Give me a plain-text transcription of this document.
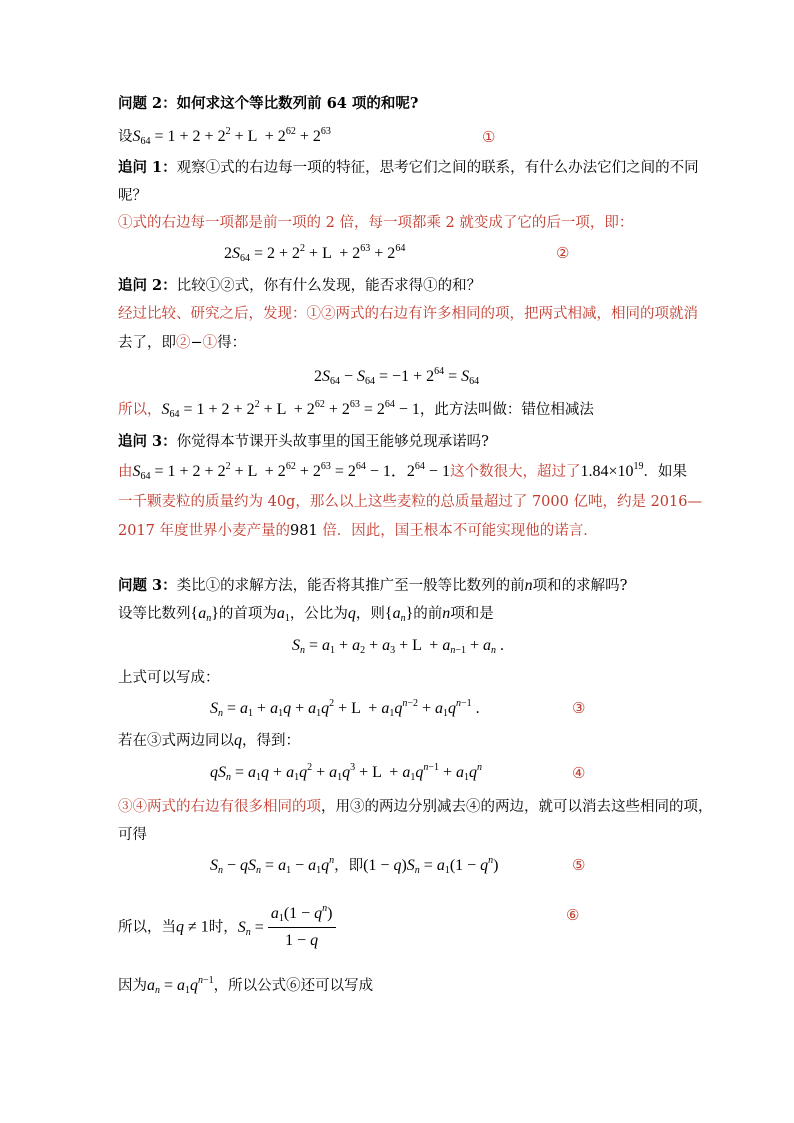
问题 2：如何求这个等比数列前 64 项的和呢?
设$S_{64} = 1 + 2 + 2^2 + L + 2^{62} + 2^{63}$	①
追问 1：观察①式的右边每一项的特征，思考它们之间的联系，有什么办法它们之间的不同
呢？
①式的右边每一项都是前一项的 2 倍，每一项都乘 2 就变成了它的后一项，即：
$2S_{64} = 2 + 2^2 + L + 2^{63} + 2^{64}$	②
追问 2：比较①②式，你有什么发现，能否求得①的和？
经过比较、研究之后，发现：①②两式的右边有许多相同的项，把两式相减，相同的项就消
去了，即②−①得：
$2S_{64} - S_{64} = -1 + 2^{64} = S_{64}$
所以，$S_{64} = 1 + 2 + 2^2 + L + 2^{62} + 2^{63} = 2^{64} - 1$，此方法叫做：错位相减法
追问 3：你觉得本节课开头故事里的国王能够兑现承诺吗?
由$S_{64} = 1 + 2 + 2^2 + L + 2^{62} + 2^{63} = 2^{64} - 1$．$2^{64} - 1$这个数很大，超过了$1.84\times 10^{19}$．如果
一千颗麦粒的质量约为 40g，那么以上这些麦粒的总质量超过了 7000 亿吨，约是 2016—
2017 年度世界小麦产量的981 倍．因此，国王根本不可能实现他的诺言．
问题 3：类比①的求解方法，能否将其推广至一般等比数列的前n项和的求解吗?
设等比数列$\{a_n\}$的首项为$a_1$，公比为q，则$\{a_n\}$的前n项和是
$S_n = a_1 + a_2 + a_3 + L + a_{n-1} + a_n$ .
上式可以写成：
$S_n = a_1 + a_1q + a_1q^2 + L + a_1q^{n-2} + a_1q^{n-1}$ .	③
若在③式两边同以q，得到：
$qS_n = a_1q + a_1q^2 + a_1q^3 + L + a_1q^{n-1} + a_1q^n$	④
③④两式的右边有很多相同的项，用③的两边分别减去④的两边，就可以消去这些相同的项，
可得
$S_n - qS_n = a_1 - a_1q^n$，即$(1 - q)S_n = a_1(1 - q^n)$	⑤
所以，当q ≠ 1时，$S_n = \frac{a_1(1 - q^n)}{1 - q}$	⑥
因为$a_n = a_1q^{n-1}$，所以公式⑥还可以写成
